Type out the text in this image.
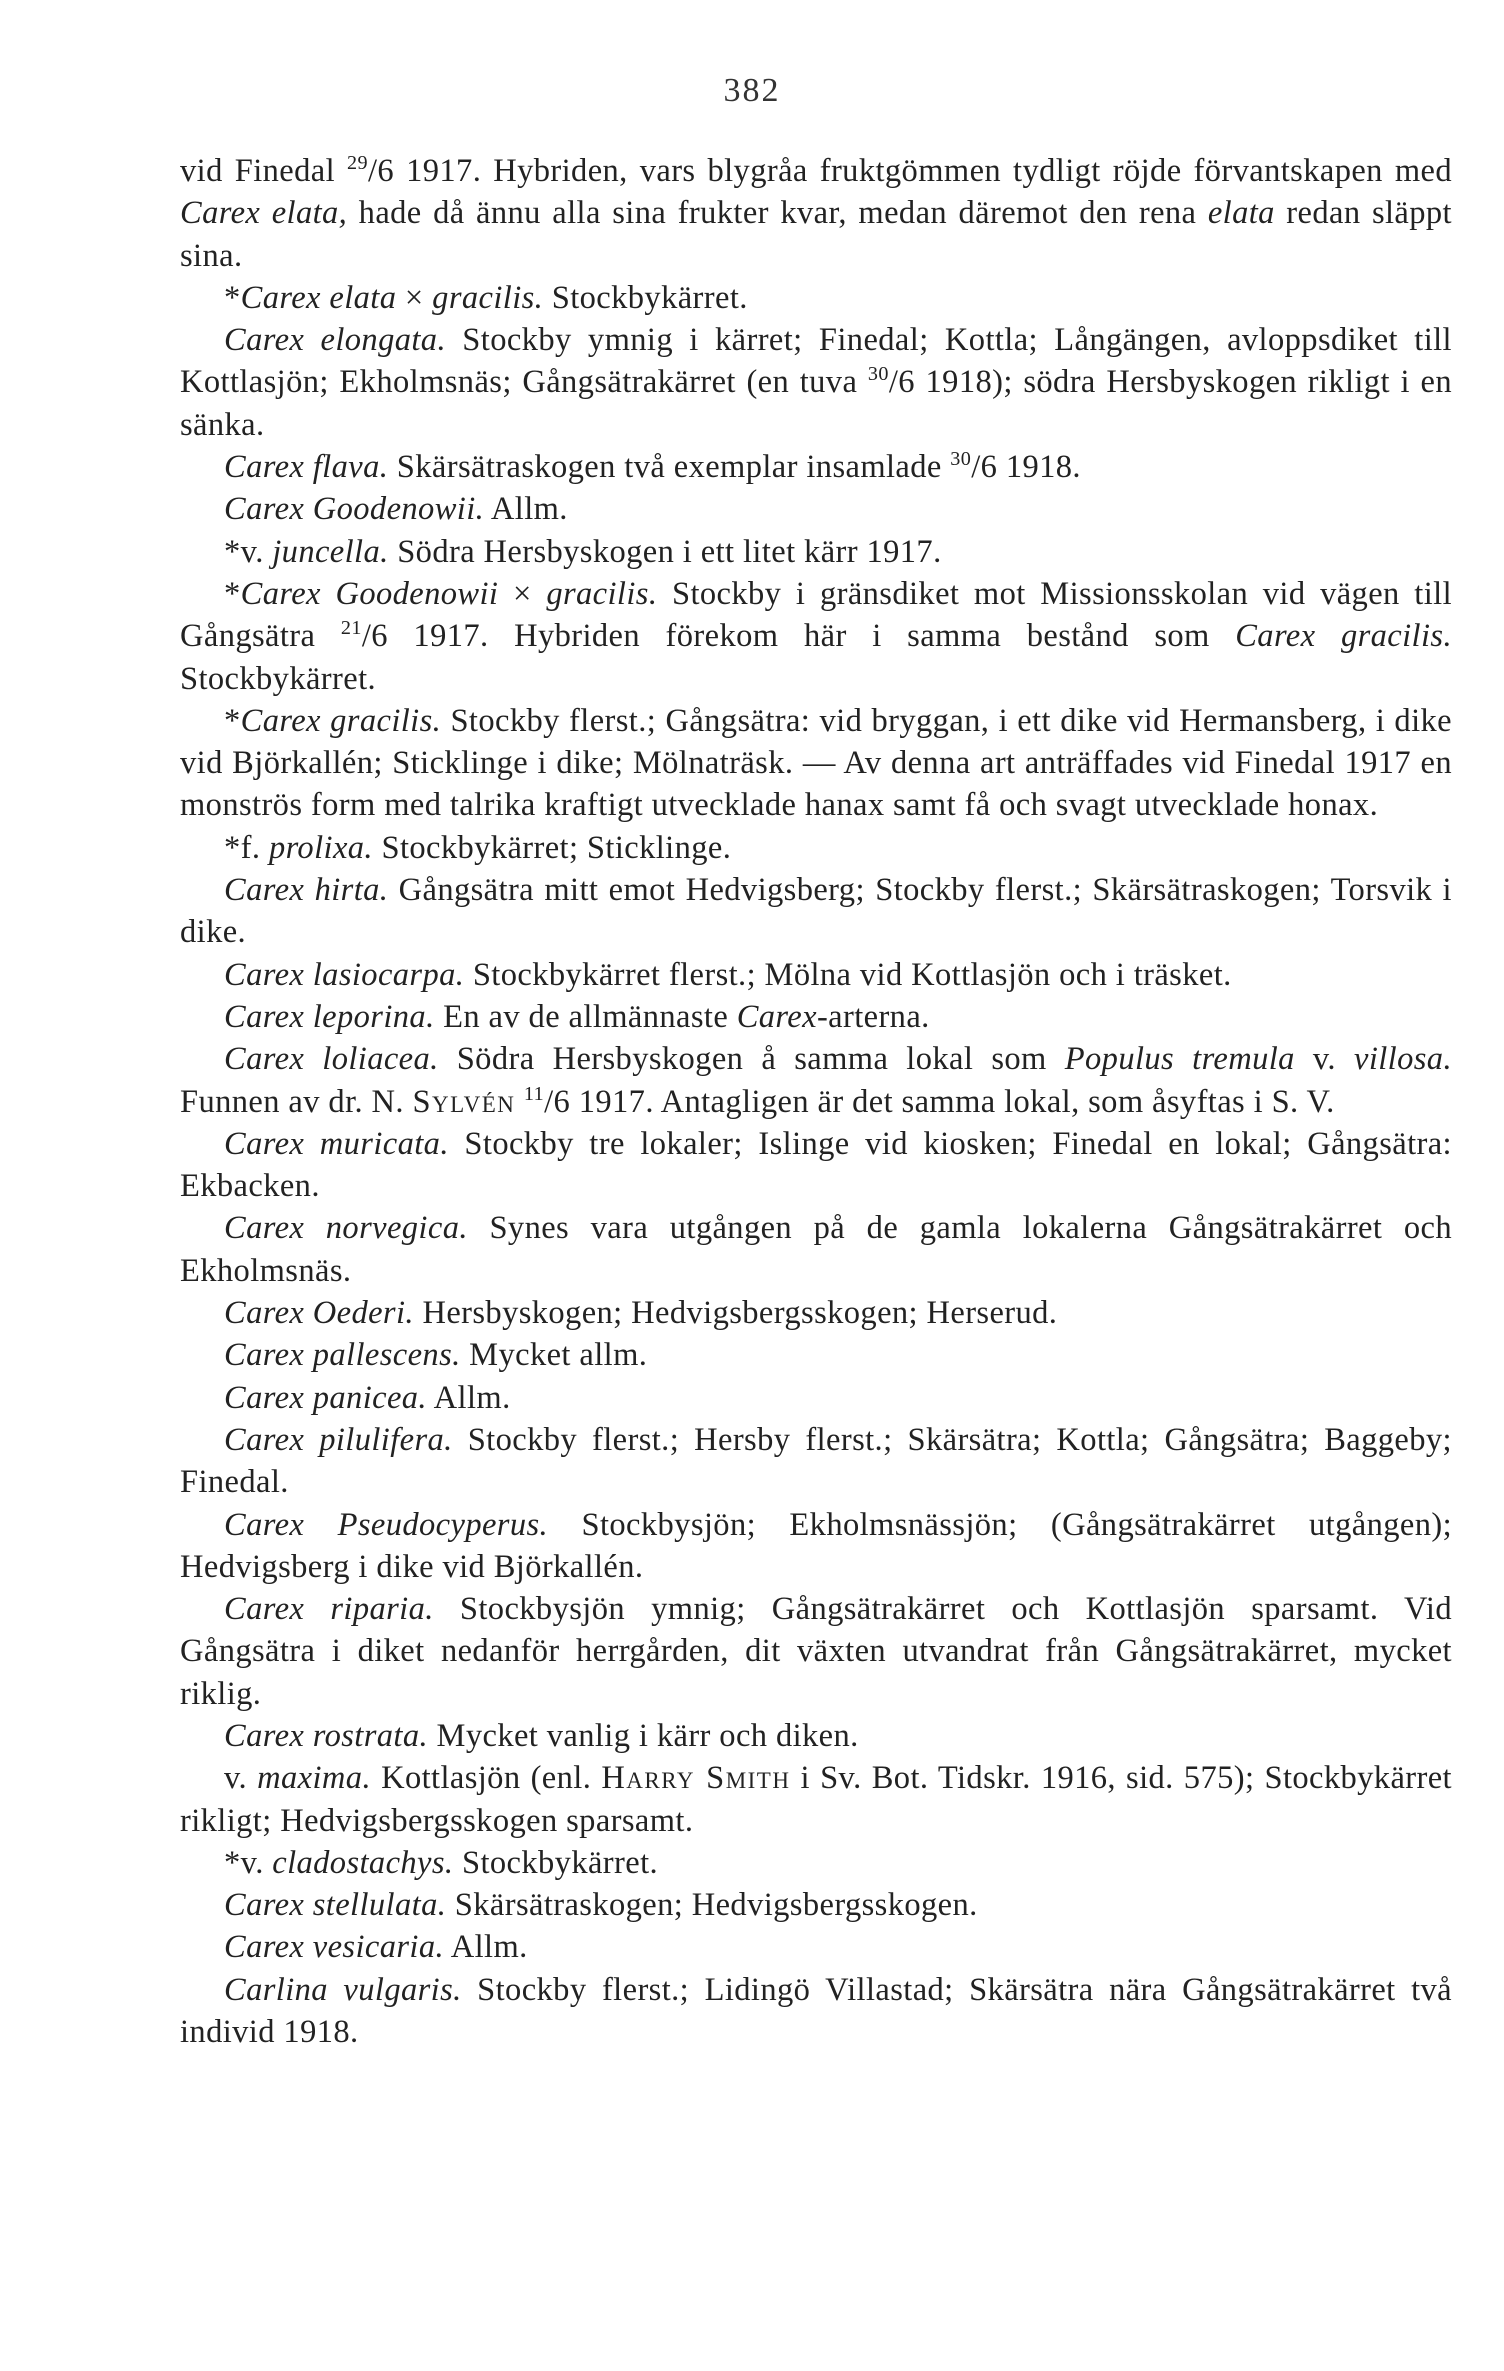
382

vid Finedal $^{29}$/6 1917. Hybriden, vars blygråa fruktgömmen tydligt röjde förvantskapen med Carex elata, hade då ännu alla sina frukter kvar, medan däremot den rena elata redan släppt sina.

*Carex elata × gracilis. Stockbykärret.

Carex elongata. Stockby ymnig i kärret; Finedal; Kottla; Långängen, avloppsdiket till Kottlasjön; Ekholmsnäs; Gångsätrakärret (en tuva $^{30}$/6 1918); södra Hersbyskogen rikligt i en sänka.

Carex flava. Skärsätraskogen två exemplar insamlade $^{30}$/6 1918.

Carex Goodenowii. Allm.

*v. juncella. Södra Hersbyskogen i ett litet kärr 1917.

*Carex Goodenowii × gracilis. Stockby i gränsdiket mot Missionsskolan vid vägen till Gångsätra $^{21}$/6 1917. Hybriden förekom här i samma bestånd som Carex gracilis. Stockbykärret.

*Carex gracilis. Stockby flerst.; Gångsätra: vid bryggan, i ett dike vid Hermansberg, i dike vid Björkallén; Sticklinge i dike; Mölnaträsk. — Av denna art anträffades vid Finedal 1917 en monströs form med talrika kraftigt utvecklade hanax samt få och svagt utvecklade honax.

*f. prolixa. Stockbykärret; Sticklinge.

Carex hirta. Gångsätra mitt emot Hedvigsberg; Stockby flerst.; Skärsätraskogen; Torsvik i dike.

Carex lasiocarpa. Stockbykärret flerst.; Mölna vid Kottlasjön och i träsket.

Carex leporina. En av de allmännaste Carex-arterna.

Carex loliacea. Södra Hersbyskogen å samma lokal som Populus tremula v. villosa. Funnen av dr. N. Sylvén $^{11}$/6 1917. Antagligen är det samma lokal, som åsyftas i S. V.

Carex muricata. Stockby tre lokaler; Islinge vid kiosken; Finedal en lokal; Gångsätra: Ekbacken.

Carex norvegica. Synes vara utgången på de gamla lokalerna Gångsätrakärret och Ekholmsnäs.

Carex Oederi. Hersbyskogen; Hedvigsbergsskogen; Herserud.

Carex pallescens. Mycket allm.

Carex panicea. Allm.

Carex pilulifera. Stockby flerst.; Hersby flerst.; Skärsätra; Kottla; Gångsätra; Baggeby; Finedal.

Carex Pseudocyperus. Stockbysjön; Ekholmsnässjön; (Gångsätrakärret utgången); Hedvigsberg i dike vid Björkallén.

Carex riparia. Stockbysjön ymnig; Gångsätrakärret och Kottlasjön sparsamt. Vid Gångsätra i diket nedanför herrgården, dit växten utvandrat från Gångsätrakärret, mycket riklig.

Carex rostrata. Mycket vanlig i kärr och diken.

v. maxima. Kottlasjön (enl. Harry Smith i Sv. Bot. Tidskr. 1916, sid. 575); Stockbykärret rikligt; Hedvigsbergsskogen sparsamt.

*v. cladostachys. Stockbykärret.

Carex stellulata. Skärsätraskogen; Hedvigsbergsskogen.

Carex vesicaria. Allm.

Carlina vulgaris. Stockby flerst.; Lidingö Villastad; Skärsätra nära Gångsätrakärret två individ 1918.
